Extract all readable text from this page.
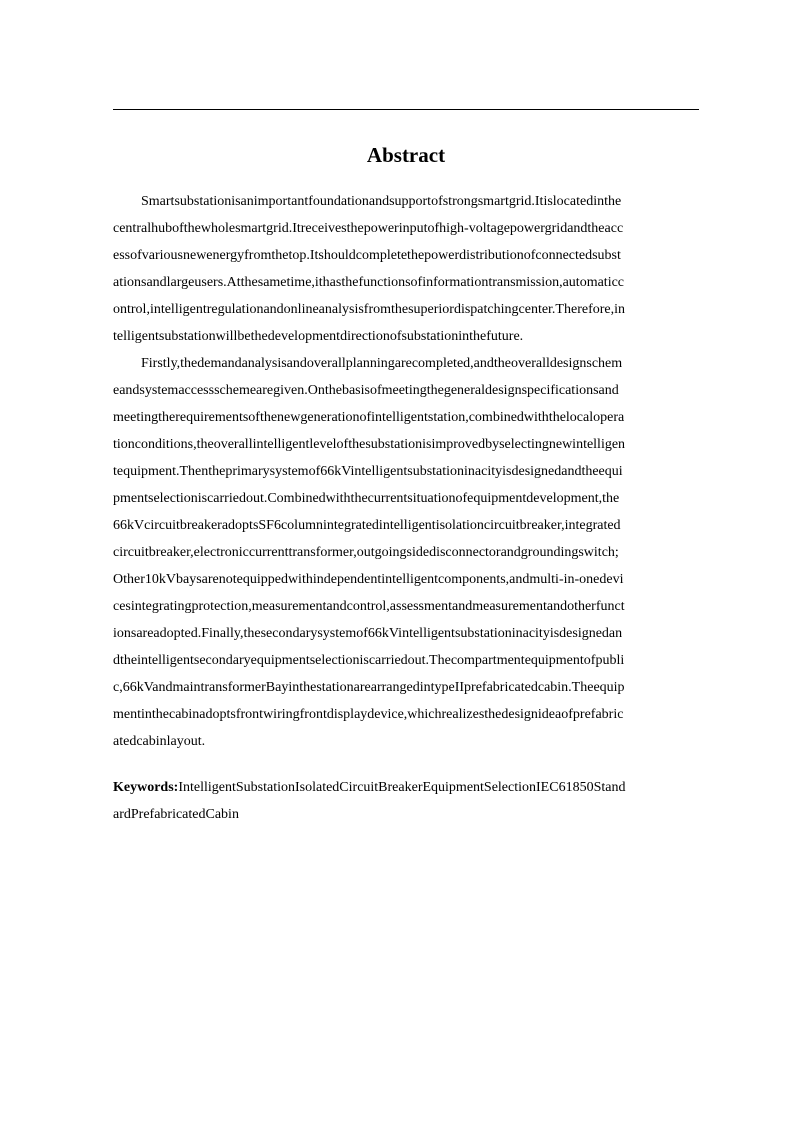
Abstract
Smartsubstationisanimportantfoundationandsupportofstrongsmartgrid.Itislocatedinthe
centralhubofthewholesmartgrid.Itreceivesthepowerinputofhigh-voltagepowergridandtheacc
essofvariousnewenergyfromthetop.Itshouldcompletethepowerdistributionofconnectedsubst
ationsandlargeusers.Atthesametime,ithasthefunctionsofinformationtransmission,automaticc
ontrol,intelligentregulationandonlineanalysisfromthesuperiordispatchingcenter.Therefore,in
telligentsubstationwillbethedevelopmentdirectionofsubstationinthefuture.
Firstly,thedemandanalysisandoverallplanningarecompleted,andtheoveralldesignschem
eandsystemaccessschemearegiven.Onthebasisofmeetingthegeneraldesignspecificationsand
meetingtherequirementsofthenewgenerationofintelligentstation,combinedwiththelocalopera
tionconditions,theoverallintelligentlevelofthesubstationisimprovedbyselectingnewintelligen
tequipment.Thentheprimarysystemof66kVintelligentsubstationinacityisdesignedandtheequi
pmentselectioniscarriedout.Combinedwiththecurrentsituationofequipmentdevelopment,the
66kVcircuitbreakeradoptsSF6columnintegratedintelligentisolationcircuitbreaker,integrated
circuitbreaker,electroniccurrenttransformer,outgoingsidedisconnectorandgroundingswitch;
Other10kVbaysarenotequippedwithindependentintelligentcomponents,andmulti-in-onedevi
cesintegratingprotection,measurementandcontrol,assessmentandmeasurementandotherfunct
ionsareadopted.Finally,thesecondarysystemof66kVintelligentsubstationinacityisdesignedan
dtheintelligentsecondaryequipmentselectioniscarriedout.Thecompartmentequipmentofpubli
c,66kVandmaintransformerBayinthestationarearrangedintypeIIprefabricatedcabin.Theequip
mentinthecabinadoptsfrontwiringfrontdisplaydevice,whichrealizesthedesignideaofprefabric
atedcabinlayout.
Keywords:IntelligentSubstationIsolatedCircuitBreakerEquipmentSelectionIEC61850Stand
ardPrefabricatedCabin
